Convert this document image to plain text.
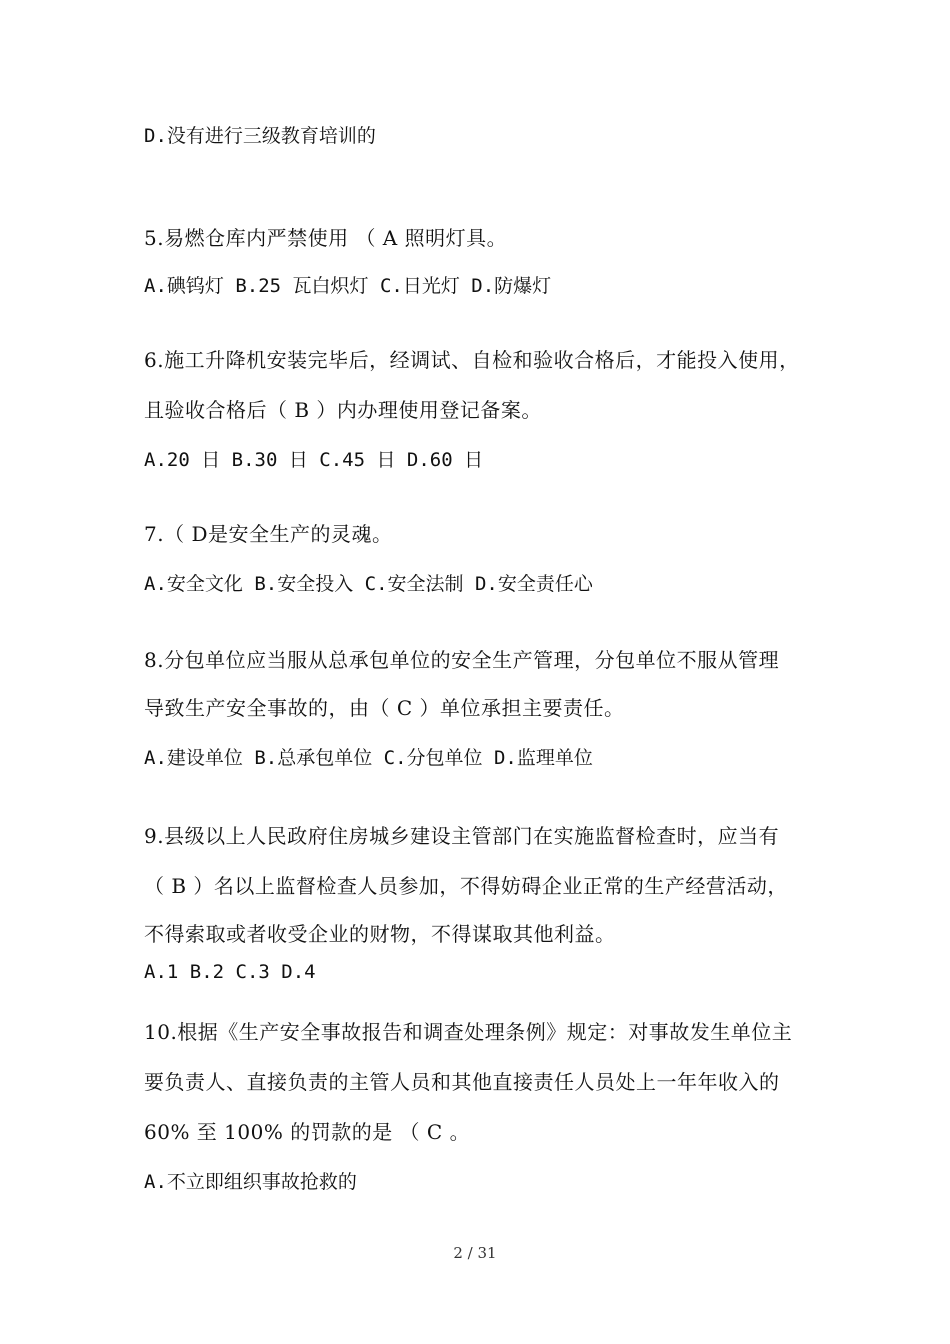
D.没有进行三级教育培训的

5.易燃仓库内严禁使用 （ A 照明灯具。

A.碘钨灯 B.25 瓦白炽灯 C.日光灯 D.防爆灯

6.施工升降机安装完毕后，经调试、自检和验收合格后，才能投入使用，

且验收合格后（ B ）内办理使用登记备案。

A.20 日 B.30 日 C.45 日 D.60 日

7.（ D是安全生产的灵魂。

A.安全文化 B.安全投入 C.安全法制 D.安全责任心

8.分包单位应当服从总承包单位的安全生产管理，分包单位不服从管理

导致生产安全事故的，由（ C ）单位承担主要责任。

A.建设单位 B.总承包单位 C.分包单位 D.监理单位

9.县级以上人民政府住房城乡建设主管部门在实施监督检查时，应当有

（ B ）名以上监督检查人员参加，不得妨碍企业正常的生产经营活动，

不得索取或者收受企业的财物，不得谋取其他利益。

A.1 B.2 C.3 D.4

10.根据《生产安全事故报告和调查处理条例》规定：对事故发生单位主

要负责人、直接负责的主管人员和其他直接责任人员处上一年年收入的

60% 至 100% 的罚款的是 （ C 。

A.不立即组织事故抢救的

2 / 31
